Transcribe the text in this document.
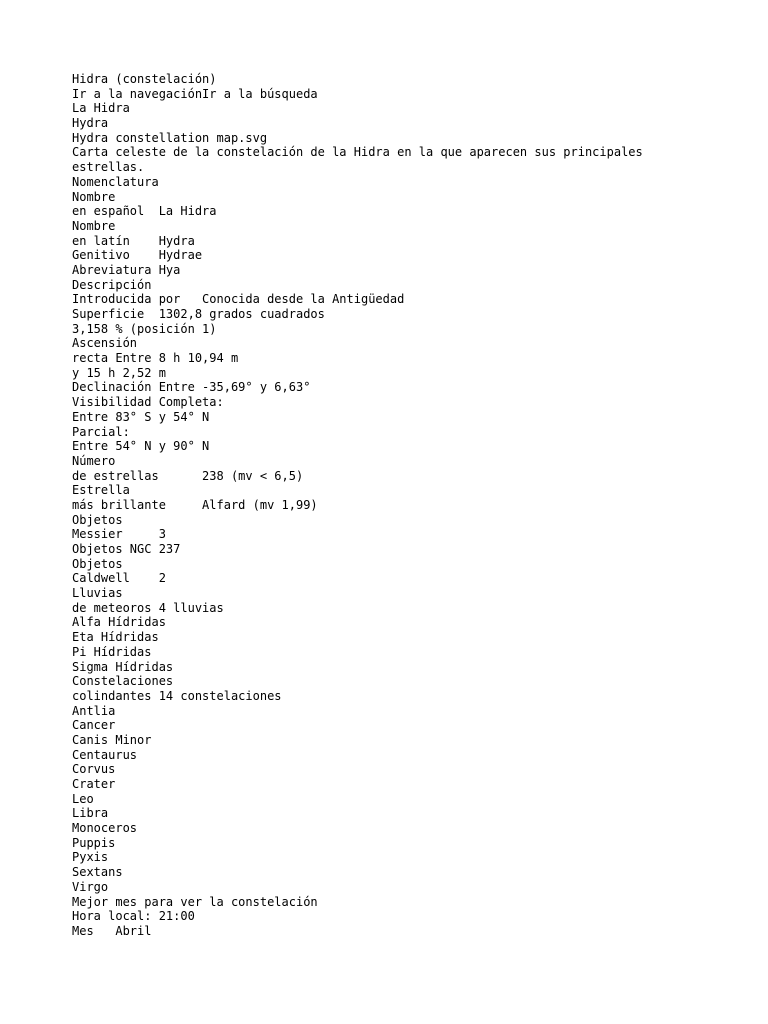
Hidra (constelación)
Ir a la navegaciónIr a la búsqueda
La Hidra
Hydra
Hydra constellation map.svg
Carta celeste de la constelación de la Hidra en la que aparecen sus principales
estrellas.
Nomenclatura
Nombre
en español  La Hidra
Nombre
en latín    Hydra
Genitivo    Hydrae
Abreviatura Hya
Descripción
Introducida por   Conocida desde la Antigüedad
Superficie  1302,8 grados cuadrados
3,158 % (posición 1)
Ascensión
recta Entre 8 h 10,94 m
y 15 h 2,52 m
Declinación Entre -35,69° y 6,63°
Visibilidad Completa:
Entre 83° S y 54° N
Parcial:
Entre 54° N y 90° N
Número
de estrellas      238 (mv < 6,5)
Estrella
más brillante     Alfard (mv 1,99)
Objetos
Messier     3
Objetos NGC 237
Objetos
Caldwell    2
Lluvias
de meteoros 4 lluvias
Alfa Hídridas
Eta Hídridas
Pi Hídridas
Sigma Hídridas
Constelaciones
colindantes 14 constelaciones
Antlia
Cancer
Canis Minor
Centaurus
Corvus
Crater
Leo
Libra
Monoceros
Puppis
Pyxis
Sextans
Virgo
Mejor mes para ver la constelación
Hora local: 21:00
Mes   Abril
